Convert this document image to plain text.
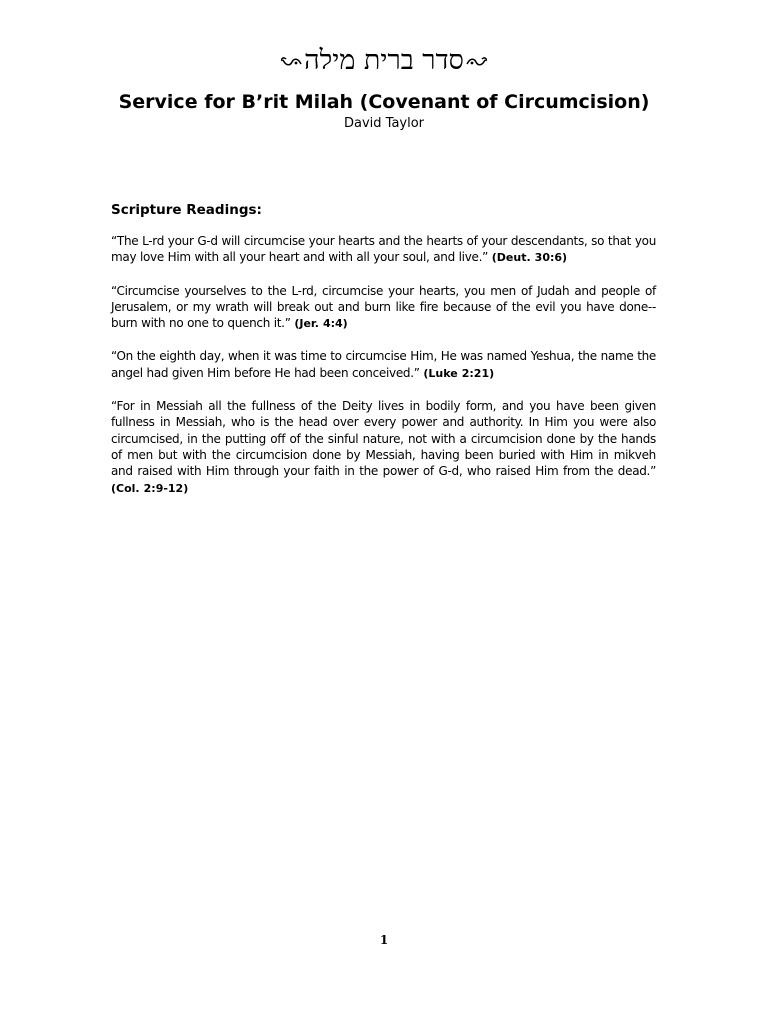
סדר ברית מילה
Service for B’rit Milah (Covenant of Circumcision)
David Taylor
Scripture Readings:

“The L-rd your G-d will circumcise your hearts and the hearts of your descendants, so that you may love Him with all your heart and with all your soul, and live.” (Deut. 30:6)

“Circumcise yourselves to the L-rd, circumcise your hearts, you men of Judah and people of Jerusalem, or my wrath will break out and burn like fire because of the evil you have done-- burn with no one to quench it.” (Jer. 4:4)

“On the eighth day, when it was time to circumcise Him, He was named Yeshua, the name the angel had given Him before He had been conceived.” (Luke 2:21)

“For in Messiah all the fullness of the Deity lives in bodily form, and you have been given fullness in Messiah, who is the head over every power and authority. In Him you were also circumcised, in the putting off of the sinful nature, not with a circumcision done by the hands of men but with the circumcision done by Messiah, having been buried with Him in mikveh and raised with Him through your faith in the power of G-d, who raised Him from the dead.” (Col. 2:9-12)

1
